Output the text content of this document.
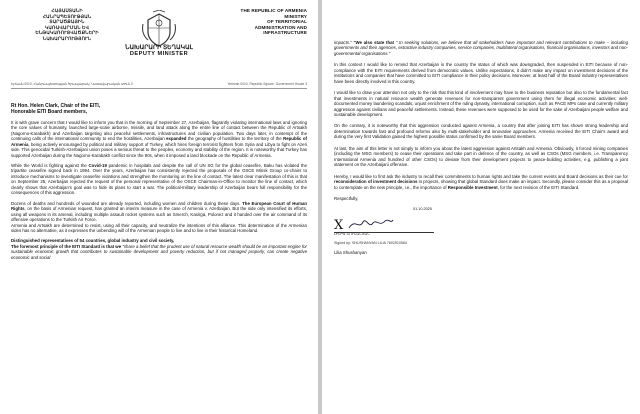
ՀԱՅԱՍՏԱՆԻ
ՀԱՆՐԱՊԵՏՈՒԹՅԱՆ
ՏԱՐԱԾՔԱՅԻՆ
ԿԱՌԱՎԱՐՄԱՆ ԵՎ
ԵՆԹԱԿԱՌՈՒՑՎԱԾՔՆԵՐԻ
ՆԱԽԱՐԱՐՈՒԹՅՈՒՆ
THE REPUBLIC OF ARMENIA
MINISTRY
OF TERRITORIAL
ADMINISTRATION AND
INFRASTRUCTURE
ՆԱԽԱՐԱՐԻ ՏԵՂԱԿԱԼ
DEPUTY MINISTER
Երևան 0010, Հանրապետության հրապարակ, Կառավարական տուն 3	Yerevan 0010, Republic Square, Government House 3
Rt Hon. Helen Clark, Chair of the EITI,
Honorable EITI Board members,

It is with grave concern that I would like to inform you that in the morning of September 27, Azerbaijan, flagrantly violating international laws and ignoring the core values of humanity, launched large-scale airborne, missile, and land attack along the entire line of contact between the Republic of Artsakh (Nagorno-Karabakh) and Azerbaijan targeting also peaceful settlements, infrastructures and civilian population. Two days later, in contempt of the continuing calls of the international community to end the hostilities, Azerbaijan expanded the geography of hostilities to the territory of the Republic of Armenia, being actively encouraged by political and military support of Turkey, which hires foreign terrorist fighters from Syria and Libya to fight on Azeri side. This genocidal Turkish-Azerbaijani union poses a serious threat to the peoples, economy and stability of the region. It is noteworthy that Turkey has supported Azerbaijan during the Nagorno-Karabakh conflict since the 90s, when it imposed a land blockade on the Republic of Armenia.

While the World is fighting against the Covid-19 pandemic in hospitals and despite the call of UN SG for the global ceasefire, Baku has violated the tripartite ceasefire signed back in 1994. Over the years, Azerbaijan has consistently rejected the proposals of the OSCE Minsk Group co-chairs to introduce mechanisms to investigate ceasefire violations and strengthen the monitoring on the line of contact. The latest clear manifestation of this is that on September 25, Azerbaijan rejected the request of the personal representative of the OSCE Chairman-in-Office to monitor the line of contact, which clearly shows that Azerbaijan's goal was to hide its plans to start a war. The political-military leadership of Azerbaijan bears full responsibility for the consequences of this aggression.

Dozens of deaths and hundreds of wounded are already reported, including women and children during these days. The European Court of Human Rights, on the basis of Armenian request, has granted an interim measure in the case of Armenia v. Azerbaijan. But the side only intensified its efforts, using all weapons in its arsenal, including multiple assault rocket systems such as Smerch, Kasirga, Polonez and it handed over the air command of its offensive operations to the Turkish Air Force.

Armenia and Artsakh are determined to resist, using all their capacity, and neutralize the intentions of this alliance. This determination of the Armenian sides has no alternative, as it expresses the unbending will of the Armenian people to live and to live in their historical Homeland.

Distinguished representatives of 54 countries, global industry and civil society,
The foremost principle of the EITI Standard is that we "share a belief that the prudent use of natural resource wealth should be an important engine for sustainable economic growth that contributes to sustainable development and poverty reduction, but if not managed properly, can create negative economic and social

impacts." "We also state that " In seeking solutions, we believe that all stakeholders have important and relevant contributions to make – including governments and their agencies, extractive industry companies, service companies, multilateral organisations, financial organisations, investors and non-governmental organisations."

In this context I would like to remind that Azerbaijan is the country the status of which was downgraded, then suspended in EITI because of non-compliance with the EITI requirements derived from democratic values. Unlike expectations, it didn't make any impact on investment decisions of the institutions and companies that have committed to EITI compliance in their policy decisions. Moreover, at least half of the Board industry representatives have been directly involved in this country.

I would like to draw your attention not only to the risk that this kind of involvement may have to the business reputation but also to the fundamental fact that investments in natural resource wealth generate revenues for non-transparent government using them for illegal economic activities: well-documented money laundering scandals, unjust enrichment of the ruling dynasty, international corruption, such as PACE MPs case and currently military aggression against civilians and peaceful settlements. Instead, these revenues were supposed to be used for the sake of Azerbaijani people welfare and sustainable development.

On the contrary, it is noteworthy that this aggression conducted against Armenia, a country that after joining EITI has shown strong leadership and determination towards fast and profound reforms also by multi-stakeholder and innovative approaches. Armenia received the EITI Chair's award and during the very first Validation gained the highest possible status confirmed by the same Board members.

At last, the aim of this letter is not simply to inform you about the latest aggression against Artsakh and Armenia. Obviously, it forced mining companies (including the MSG members) to cease their operations and take part in defence of the country, as well as CSOs (MSG members, i.e. Transparency International Armenia and hundred of other CSOs) to deviate from their development projects to peace-building activities, e.g. publishing a joint statement on the Azerbaijani offensive.

Hereby, I would like to first ask the industry to recall their commitments to human rights and take the current events and Board decisions as their cue for reconsideration of investment decisions in projects, showing that global Standard does make an impact. Secondly, please consider this as a proposal to contemplate on the new principle, i.e., the importance of Responsible Investment, for the next revision of the EITI Standard.

Respectfully,
01.10.2020
X
ԼԻԼԻԱ ՇՈՒՇԱՆՅԱՆ
Signed by: SHUSHANYAN LILIA 7602910584
Lilia Shushanyan
